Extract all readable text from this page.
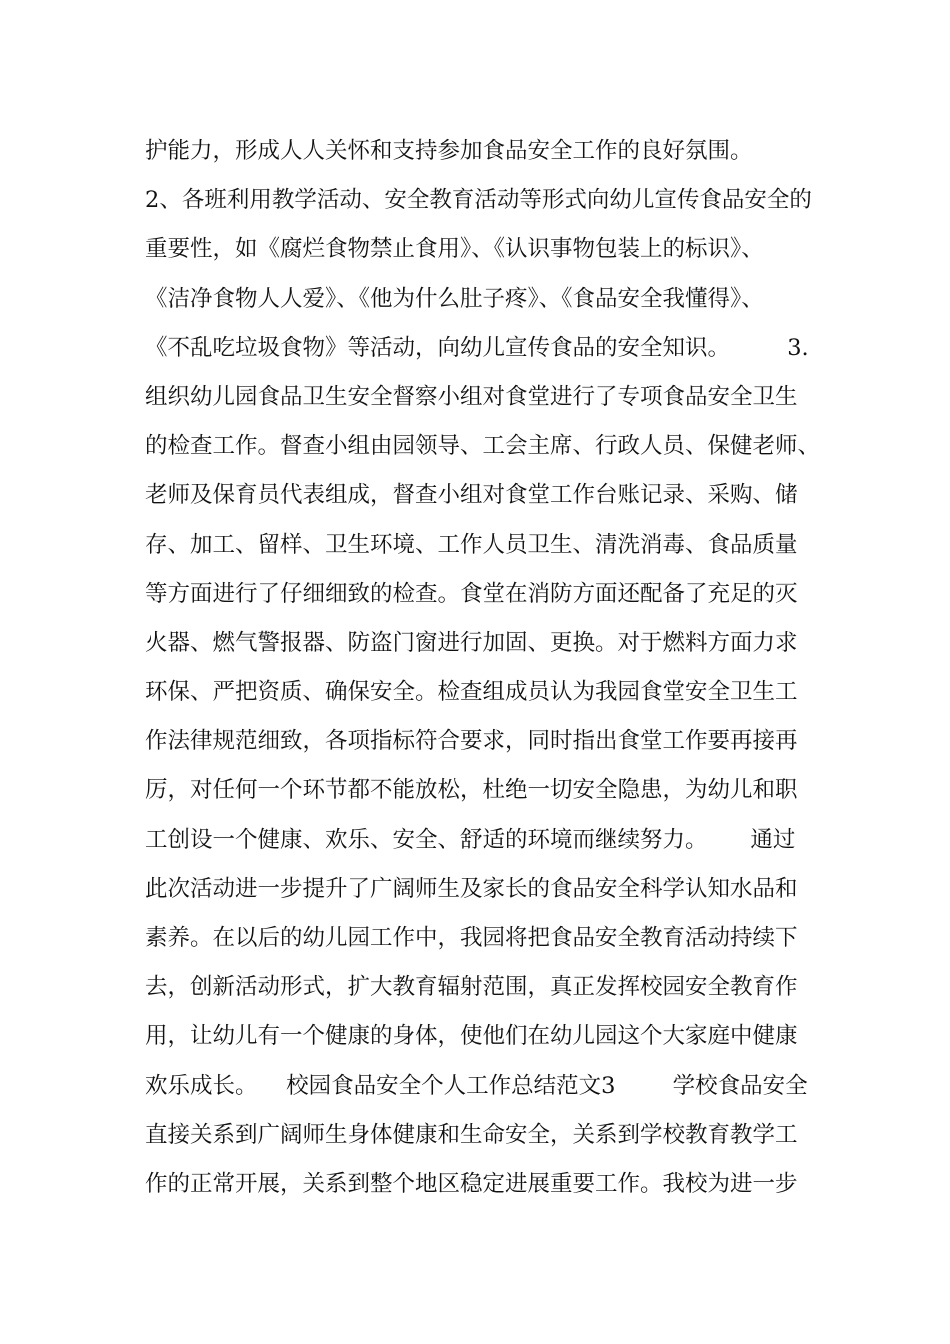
护能力，形成人人关怀和支持参加食品安全工作的良好氛围。
2、各班利用教学活动、安全教育活动等形式向幼儿宣传食品安全的
重要性，如《腐烂食物禁止食用》、《认识事物包装上的标识》、
《洁净食物人人爱》、《他为什么肚子疼》、《食品安全我懂得》、
《不乱吃垃圾食物》等活动，向幼儿宣传食品的安全知识。        3.
组织幼儿园食品卫生安全督察小组对食堂进行了专项食品安全卫生
的检查工作。督查小组由园领导、工会主席、行政人员、保健老师、
老师及保育员代表组成，督查小组对食堂工作台账记录、采购、储
存、加工、留样、卫生环境、工作人员卫生、清洗消毒、食品质量
等方面进行了仔细细致的检查。食堂在消防方面还配备了充足的灭
火器、燃气警报器、防盗门窗进行加固、更换。对于燃料方面力求
环保、严把资质、确保安全。检查组成员认为我园食堂安全卫生工
作法律规范细致，各项指标符合要求，同时指出食堂工作要再接再
厉，对任何一个环节都不能放松，杜绝一切安全隐患，为幼儿和职
工创设一个健康、欢乐、安全、舒适的环境而继续努力。      通过
此次活动进一步提升了广阔师生及家长的食品安全科学认知水品和
素养。在以后的幼儿园工作中，我园将把食品安全教育活动持续下
去，创新活动形式，扩大教育辐射范围，真正发挥校园安全教育作
用，让幼儿有一个健康的身体，使他们在幼儿园这个大家庭中健康
欢乐成长。    校园食品安全个人工作总结范文3        学校食品安全
直接关系到广阔师生身体健康和生命安全，关系到学校教育教学工
作的正常开展，关系到整个地区稳定进展重要工作。我校为进一步
